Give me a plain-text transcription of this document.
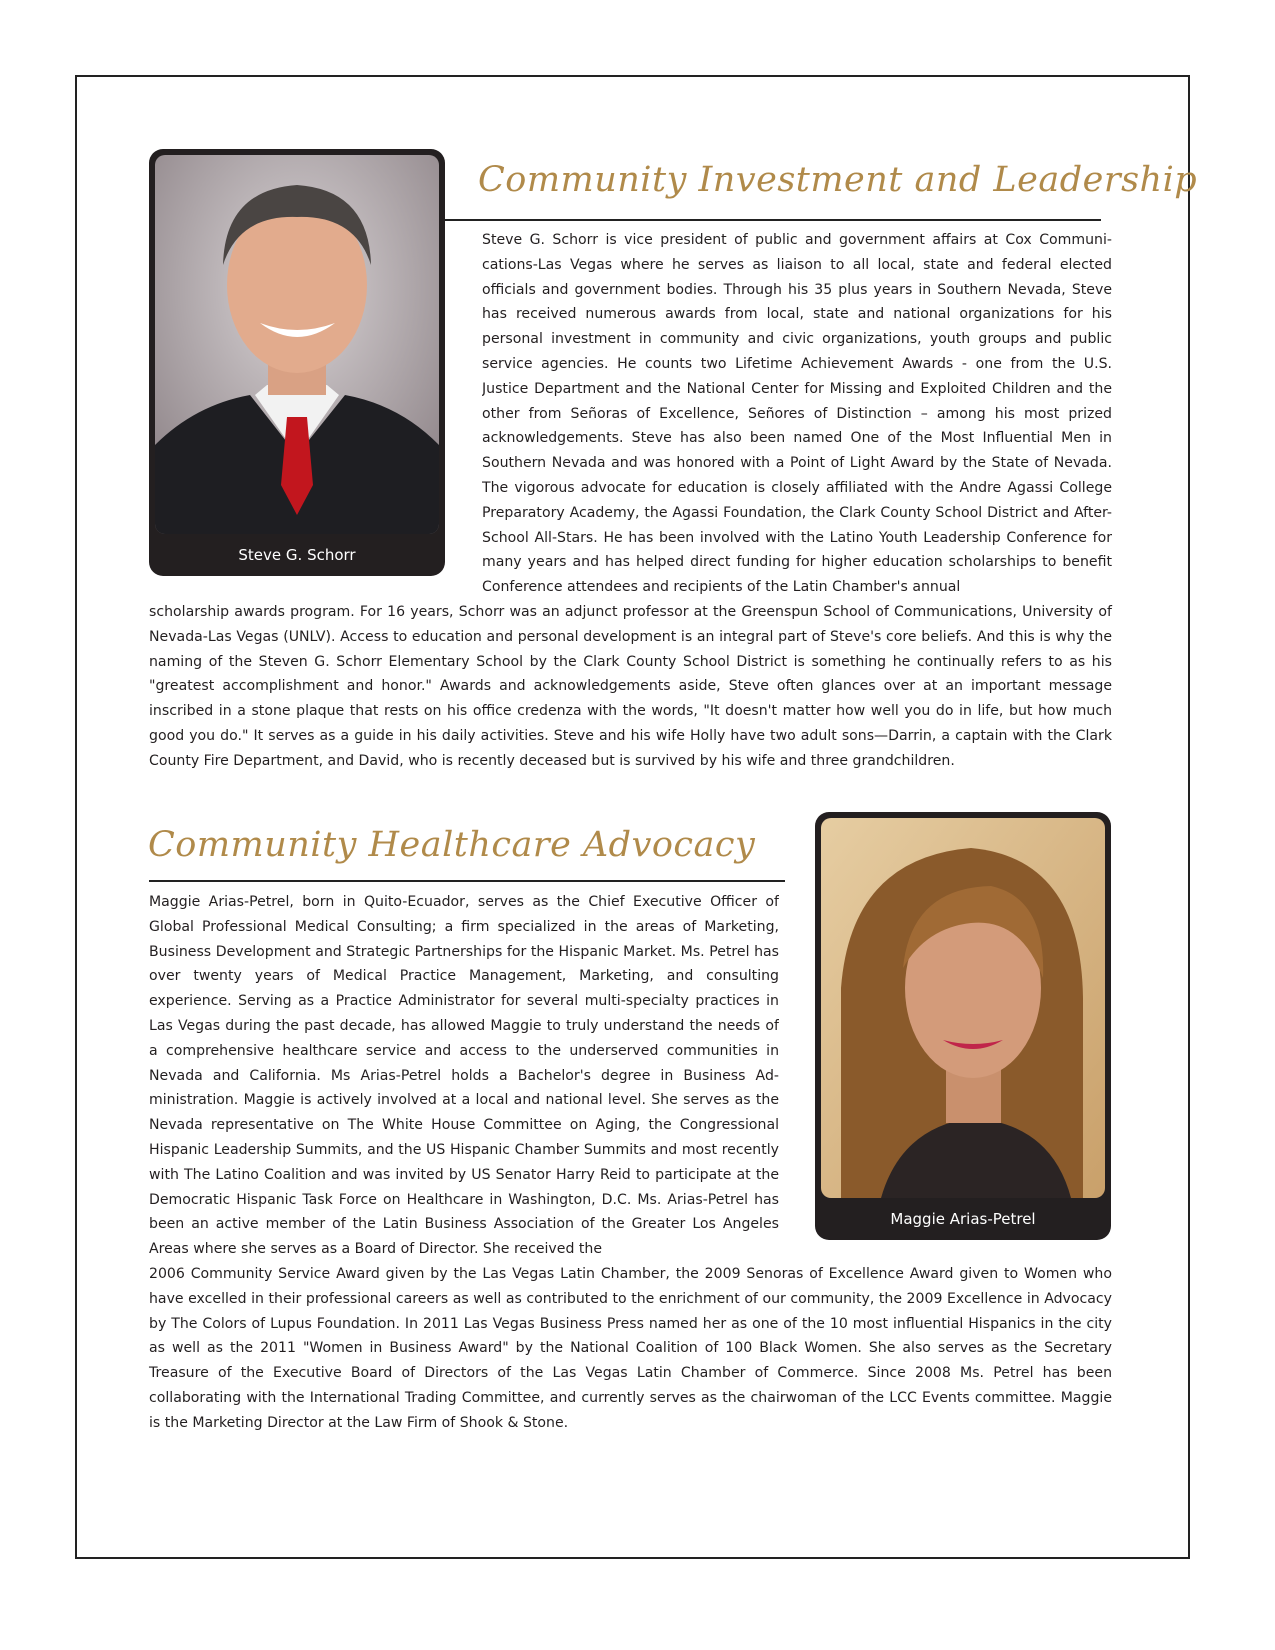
Steve G. Schorr
Community Investment and Leadership

Steve G. Schorr is vice president of public and government affairs at Cox Communications-Las Vegas where he serves as liaison to all local, state and federal elected officials and government bodies. Through his 35 plus years in Southern Nevada, Steve has received numerous awards from local, state and national organizations for his personal investment in community and civic organizations, youth groups and public service agencies. He counts two Lifetime Achievement Awards - one from the U.S. Justice Department and the National Center for Missing and Exploited Children and the other from Señoras of Excellence, Señores of Distinction – among his most prized acknowledgements. Steve has also been named One of the Most Influential Men in Southern Nevada and was honored with a Point of Light Award by the State of Nevada. The vigorous advocate for education is closely affiliated with the Andre Agassi College Preparatory Academy, the Agassi Foundation, the Clark County School District and After-School All-Stars. He has been involved with the Latino Youth Leadership Conference for many years and has helped direct funding for higher education scholarships to benefit Conference attendees and recipients of the Latin Chamber's annual

scholarship awards program. For 16 years, Schorr was an adjunct professor at the Greenspun School of Communications, University of Nevada-Las Vegas (UNLV). Access to education and personal development is an integral part of Steve's core beliefs. And this is why the naming of the Steven G. Schorr Elementary School by the Clark County School District is something he continually refers to as his "greatest accomplishment and honor." Awards and acknowledgements aside, Steve often glances over at an important message inscribed in a stone plaque that rests on his office credenza with the words, "It doesn't matter how well you do in life, but how much good you do." It serves as a guide in his daily activities. Steve and his wife Holly have two adult sons—Darrin, a captain with the Clark County Fire Department, and David, who is recently deceased but is survived by his wife and three grandchildren.

Community Healthcare Advocacy
Maggie Arias-Petrel

Maggie Arias-Petrel, born in Quito-Ecuador, serves as the Chief Executive Officer of Global Professional Medical Consulting; a firm specialized in the areas of Marketing, Business Development and Strategic Partnerships for the Hispanic Market. Ms. Petrel has over twenty years of Medical Practice Management, Marketing, and consulting experience. Serving as a Practice Administrator for several multi-specialty practices in Las Vegas during the past decade, has allowed Maggie to truly understand the needs of a comprehensive healthcare service and access to the underserved communities in Nevada and California. Ms Arias-Petrel holds a Bachelor's degree in Business Administration. Maggie is actively involved at a local and national level. She serves as the Nevada representative on The White House Committee on Aging, the Congressional Hispanic Leadership Summits, and the US Hispanic Chamber Summits and most recently with The Latino Coalition and was invited by US Senator Harry Reid to participate at the Democratic Hispanic Task Force on Healthcare in Washington, D.C. Ms. Arias-Petrel has been an active member of the Latin Business Association of the Greater Los Angeles Areas where she serves as a Board of Director. She received the

2006 Community Service Award given by the Las Vegas Latin Chamber, the 2009 Senoras of Excellence Award given to Women who have excelled in their professional careers as well as contributed to the enrichment of our community, the 2009 Excellence in Advocacy by The Colors of Lupus Foundation. In 2011 Las Vegas Business Press named her as one of the 10 most influential Hispanics in the city as well as the 2011 "Women in Business Award" by the National Coalition of 100 Black Women. She also serves as the Secretary Treasure of the Executive Board of Directors of the Las Vegas Latin Chamber of Commerce. Since 2008 Ms. Petrel has been collaborating with the International Trading Committee, and currently serves as the chairwoman of the LCC Events committee. Maggie is the Marketing Director at the Law Firm of Shook & Stone.
